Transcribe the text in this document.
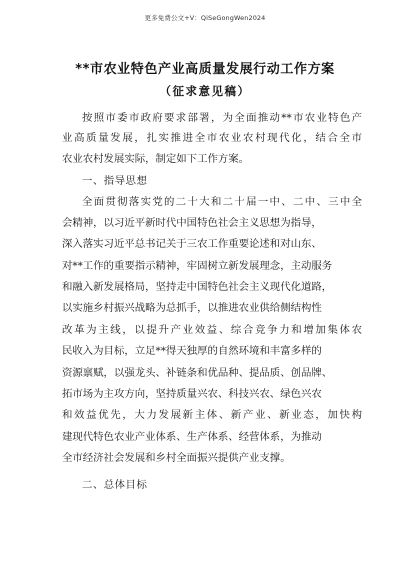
更多免费公文+V：QiSeGongWen2024
**市农业特色产业高质量发展行动工作方案
（征求意见稿）
按照市委市政府要求部署，为全面推动**市农业特色产
业高质量发展，扎实推进全市农业农村现代化，结合全市
农业农村发展实际，制定如下工作方案。
一、指导思想
全面贯彻落实党的二十大和二十届一中、二中、三中全
会精神，以习近平新时代中国特色社会主义思想为指导，
深入落实习近平总书记关于三农工作重要论述和对山东、
对**工作的重要指示精神，牢固树立新发展理念，主动服务
和融入新发展格局，坚持走中国特色社会主义现代化道路，
以实施乡村振兴战略为总抓手，以推进农业供给侧结构性
改革为主线，以提升产业效益、综合竞争力和增加集体农
民收入为目标，立足**得天独厚的自然环境和丰富多样的
资源禀赋，以强龙头、补链条和优品种、提品质、创品牌、
拓市场为主攻方向，坚持质量兴农、科技兴农、绿色兴农
和效益优先，大力发展新主体、新产业、新业态，加快构
建现代特色农业产业体系、生产体系、经营体系，为推动
全市经济社会发展和乡村全面振兴提供产业支撑。
二、总体目标
